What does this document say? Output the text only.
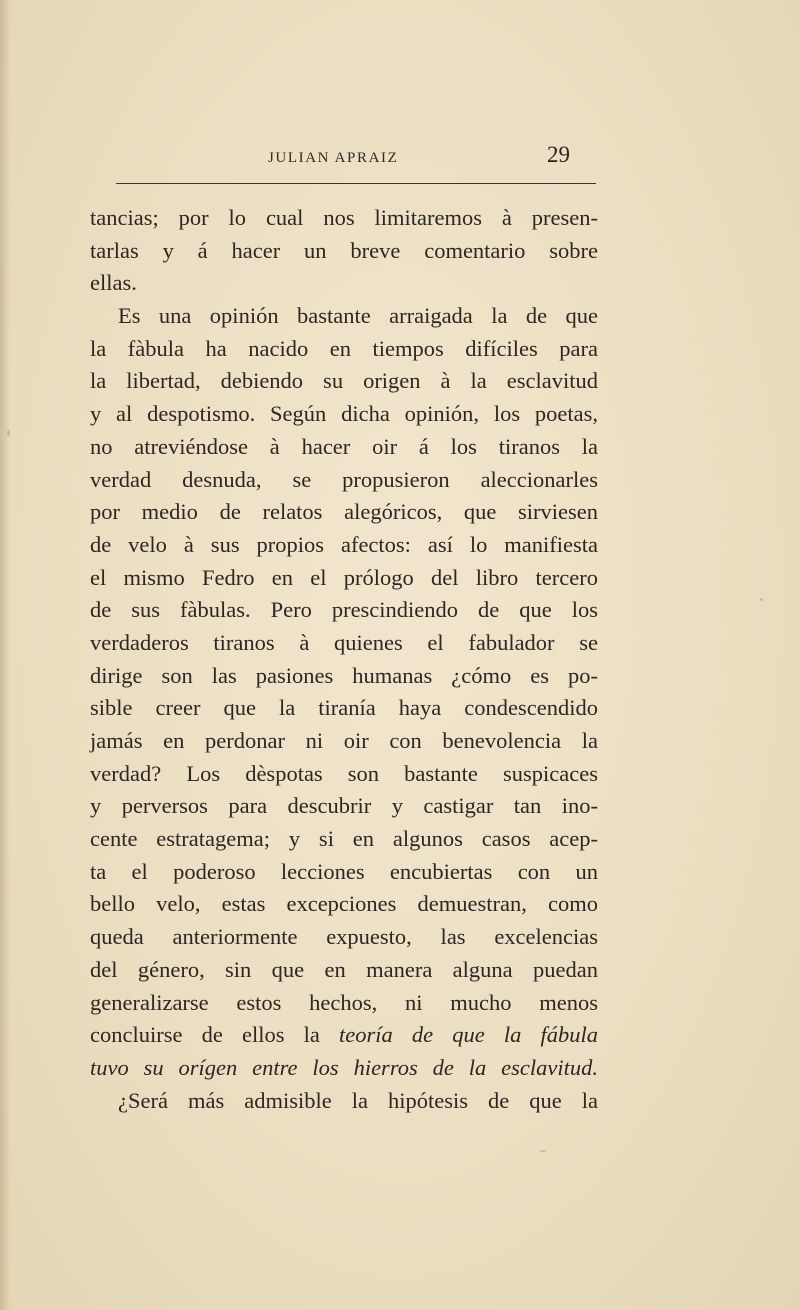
JULIAN APRAIZ	29
tancias; por lo cual nos limitaremos à presen-
tarlas y á hacer un breve comentario sobre
ellas.
Es una opinión bastante arraigada la de que
la fàbula ha nacido en tiempos difíciles para
la libertad, debiendo su origen à la esclavitud
y al despotismo. Según dicha opinión, los poetas,
no atreviéndose à hacer oir á los tiranos la
verdad desnuda, se propusieron aleccionarles
por medio de relatos alegóricos, que sirviesen
de velo à sus propios afectos: así lo manifiesta
el mismo Fedro en el prólogo del libro tercero
de sus fàbulas. Pero prescindiendo de que los
verdaderos tiranos à quienes el fabulador se
dirige son las pasiones humanas ¿cómo es po-
sible creer que la tiranía haya condescendido
jamás en perdonar ni oir con benevolencia la
verdad? Los dèspotas son bastante suspicaces
y perversos para descubrir y castigar tan ino-
cente estratagema; y si en algunos casos acep-
ta el poderoso lecciones encubiertas con un
bello velo, estas excepciones demuestran, como
queda anteriormente expuesto, las excelencias
del género, sin que en manera alguna puedan
generalizarse estos hechos, ni mucho menos
concluirse de ellos la teoría de que la fábula
tuvo su orígen entre los hierros de la esclavitud.
¿Será más admisible la hipótesis de que la
